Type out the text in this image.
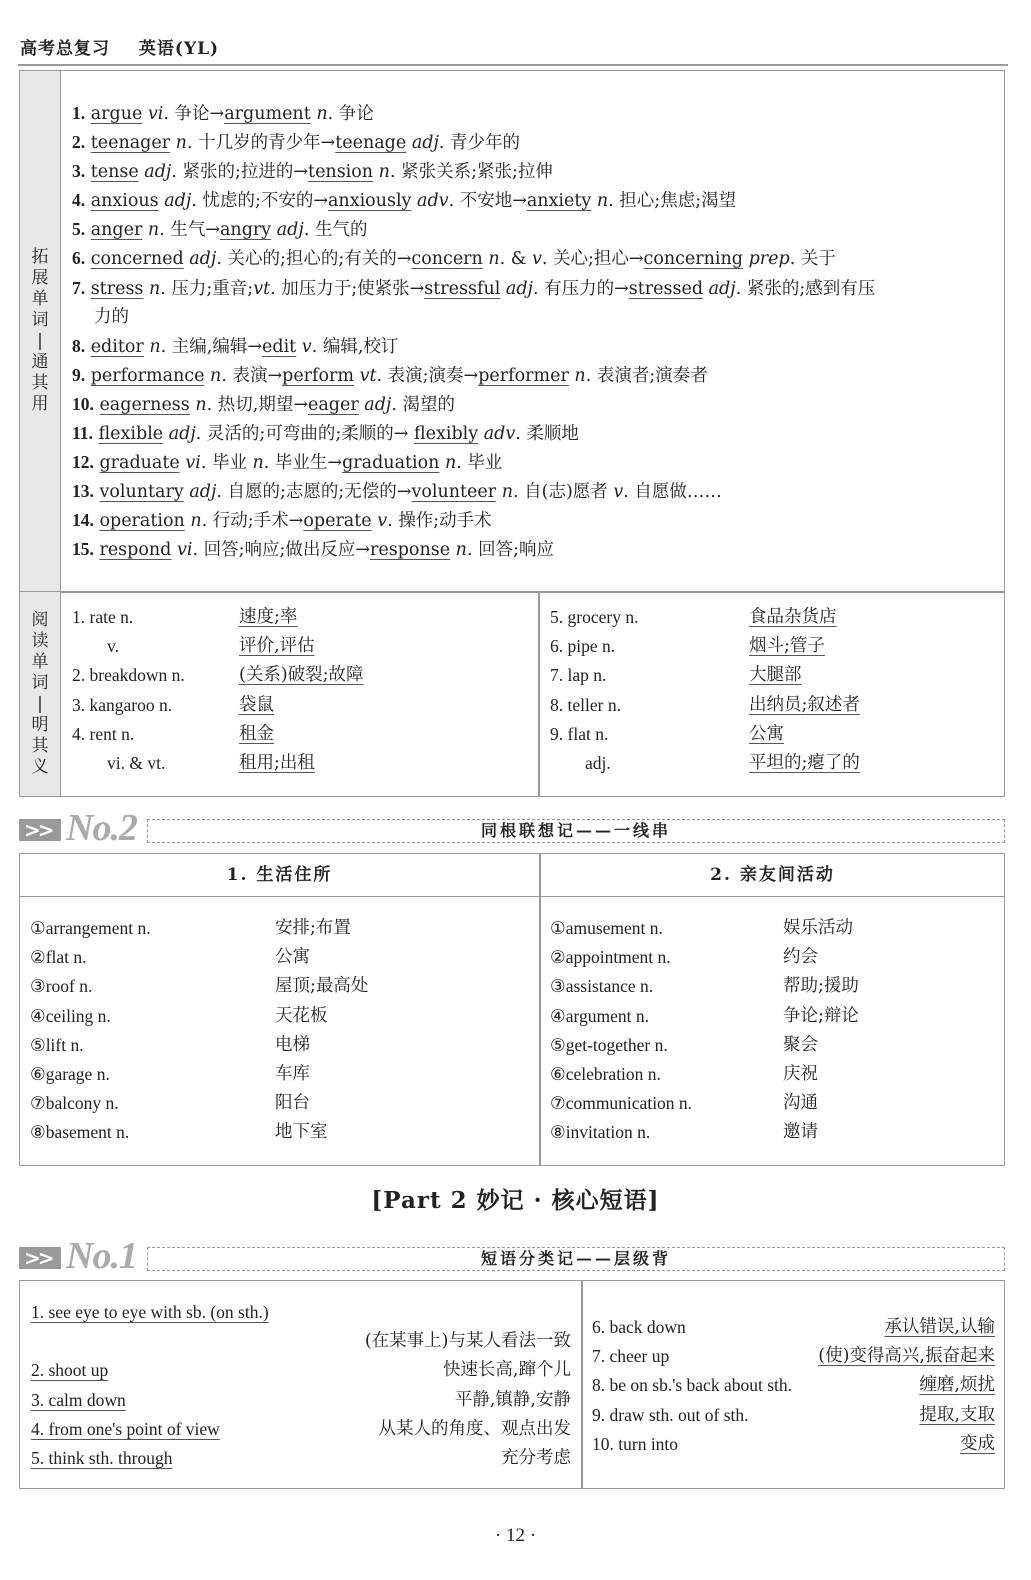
高考总复习 英语(YL)
拓
展
单
词
|
通
其
用
阅
读
单
词
|
明
其
义
1. argue vi. 争论→argument n. 争论
2. teenager n. 十几岁的青少年→teenage adj. 青少年的
3. tense adj. 紧张的;拉进的→tension n. 紧张关系;紧张;拉伸
4. anxious adj. 忧虑的;不安的→anxiously adv. 不安地→anxiety n. 担心;焦虑;渴望
5. anger n. 生气→angry adj. 生气的
6. concerned adj. 关心的;担心的;有关的→concern n. & v. 关心;担心→concerning prep. 关于
7. stress n. 压力;重音;vt. 加压力于;使紧张→stressful adj. 有压力的→stressed adj. 紧张的;感到有压
力的
8. editor n. 主编,编辑→edit v. 编辑,校订
9. performance n. 表演→perform vt. 表演;演奏→performer n. 表演者;演奏者
10. eagerness n. 热切,期望→eager adj. 渴望的
11. flexible adj. 灵活的;可弯曲的;柔顺的→ flexibly adv. 柔顺地
12. graduate vi. 毕业 n. 毕业生→graduation n. 毕业
13. voluntary adj. 自愿的;志愿的;无偿的→volunteer n. 自(志)愿者 v. 自愿做……
14. operation n. 行动;手术→operate v. 操作;动手术
15. respond vi. 回答;响应;做出反应→response n. 回答;响应
1. rate n.	速度;率
　　v.	评价,评估
2. breakdown n.	(关系)破裂;故障
3. kangaroo n.	袋鼠
4. rent n.	租金
　　vi. & vt.	租用;出租
5. grocery n.	食品杂货店
6. pipe n.	烟斗;管子
7. lap n.	大腿部
8. teller n.	出纳员;叙述者
9. flat n.	公寓
　　adj.	平坦的;瘪了的
>> No.2	同根联想记——一线串
1. 生活住所	2. 亲友间活动
①arrangement n.	安排;布置
②flat n.	公寓
③roof n.	屋顶;最高处
④ceiling n.	天花板
⑤lift n.	电梯
⑥garage n.	车库
⑦balcony n.	阳台
⑧basement n.	地下室
①amusement n.	娱乐活动
②appointment n.	约会
③assistance n.	帮助;援助
④argument n.	争论;辩论
⑤get-together n.	聚会
⑥celebration n.	庆祝
⑦communication n.	沟通
⑧invitation n.	邀请
[Part 2 妙记 · 核心短语]
>> No.1	短语分类记——层级背
1. see eye to eye with sb. (on sth.)
(在某事上)与某人看法一致
2. shoot up	快速长高,蹿个儿
3. calm down	平静,镇静,安静
4. from one's point of view	从某人的角度、观点出发
5. think sth. through	充分考虑
6. back down	承认错误,认输
7. cheer up	(使)变得高兴,振奋起来
8. be on sb.'s back about sth.	缠磨,烦扰
9. draw sth. out of sth.	提取,支取
10. turn into	变成
· 12 ·
